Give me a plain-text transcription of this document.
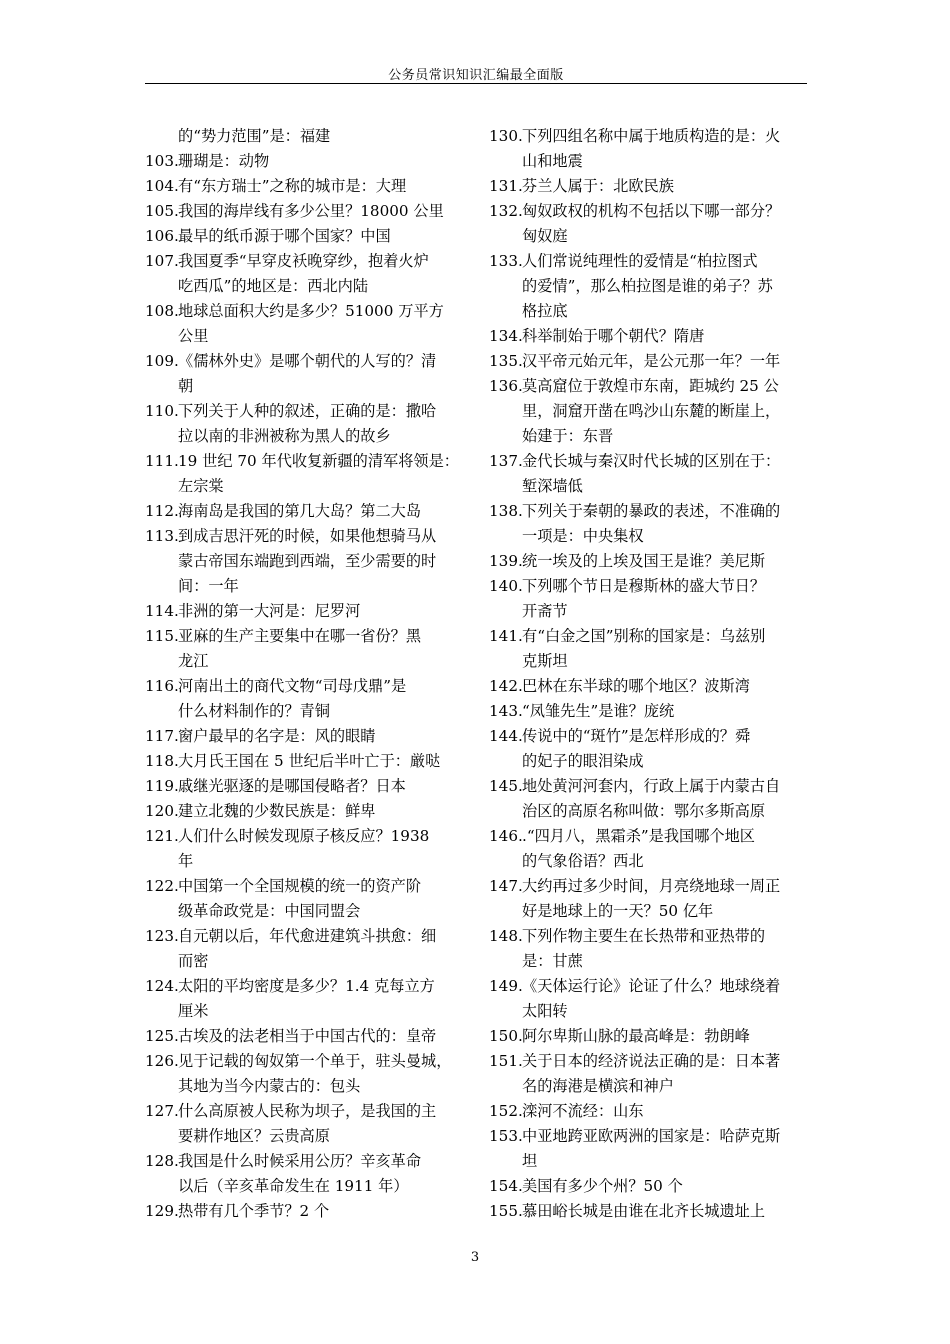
公务员常识知识汇编最全面版
的“势力范围”是：福建
103. 珊瑚是：动物
104. 有“东方瑞士”之称的城市是：大理
105. 我国的海岸线有多少公里？18000 公里
106. 最早的纸币源于哪个国家？中国
107. 我国夏季“早穿皮袄晚穿纱，抱着火炉
吃西瓜”的地区是：西北内陆
108. 地球总面积大约是多少？51000 万平方
公里
109. 《儒林外史》是哪个朝代的人写的？清
朝
110. 下列关于人种的叙述，正确的是：撒哈
拉以南的非洲被称为黑人的故乡
111. 19 世纪 70 年代收复新疆的清军将领是：
左宗棠
112. 海南岛是我国的第几大岛？第二大岛
113. 到成吉思汗死的时候，如果他想骑马从
蒙古帝国东端跑到西端，至少需要的时
间：一年
114. 非洲的第一大河是：尼罗河
115. 亚麻的生产主要集中在哪一省份？黑
龙江
116. 河南出土的商代文物“司母戊鼎”是
什么材料制作的？青铜
117. 窗户最早的名字是：风的眼睛
118. 大月氏王国在 5 世纪后半叶亡于：厳哒
119. 戚继光驱逐的是哪国侵略者？日本
120. 建立北魏的少数民族是：鲜卑
121. 人们什么时候发现原子核反应？1938
年
122. 中国第一个全国规模的统一的资产阶
级革命政党是：中国同盟会
123. 自元朝以后，年代愈进建筑斗拱愈：细
而密
124. 太阳的平均密度是多少？1.4 克每立方
厘米
125. 古埃及的法老相当于中国古代的：皇帝
126. 见于记载的匈奴第一个单于，驻头曼城，
其地为当今内蒙古的：包头
127. 什么高原被人民称为坝子，是我国的主
要耕作地区？云贵高原
128. 我国是什么时候采用公历？辛亥革命
以后（辛亥革命发生在 1911 年）
129. 热带有几个季节？2 个
130. 下列四组名称中属于地质构造的是：火
山和地震
131. 芬兰人属于：北欧民族
132. 匈奴政权的机构不包括以下哪一部分？
匈奴庭
133. 人们常说纯理性的爱情是“柏拉图式
的爱情”，那么柏拉图是谁的弟子？苏
格拉底
134. 科举制始于哪个朝代？隋唐
135. 汉平帝元始元年，是公元那一年？一年
136. 莫高窟位于敦煌市东南，距城约 25 公
里，洞窟开凿在鸣沙山东麓的断崖上，
始建于：东晋
137. 金代长城与秦汉时代长城的区别在于：
堑深墙低
138. 下列关于秦朝的暴政的表述，不准确的
一项是：中央集权
139. 统一埃及的上埃及国王是谁？美尼斯
140. 下列哪个节日是穆斯林的盛大节日？
开斋节
141. 有“白金之国”别称的国家是：乌兹别
克斯坦
142. 巴林在东半球的哪个地区？波斯湾
143. “凤雏先生”是谁？庞统
144. 传说中的“斑竹”是怎样形成的？舜
的妃子的眼泪染成
145. 地处黄河河套内，行政上属于内蒙古自
治区的高原名称叫做：鄂尔多斯高原
146. .“四月八，黑霜杀”是我国哪个地区
的气象俗语？西北
147. 大约再过多少时间，月亮绕地球一周正
好是地球上的一天？50 亿年
148. 下列作物主要生在长热带和亚热带的
是：甘蔗
149. 《天体运行论》论证了什么？地球绕着
太阳转
150. 阿尔卑斯山脉的最高峰是：勃朗峰
151. 关于日本的经济说法正确的是：日本著
名的海港是横滨和神户
152. 滦河不流经：山东
153. 中亚地跨亚欧两洲的国家是：哈萨克斯
坦
154. 美国有多少个州？50 个
155. 慕田峪长城是由谁在北齐长城遗址上
3
